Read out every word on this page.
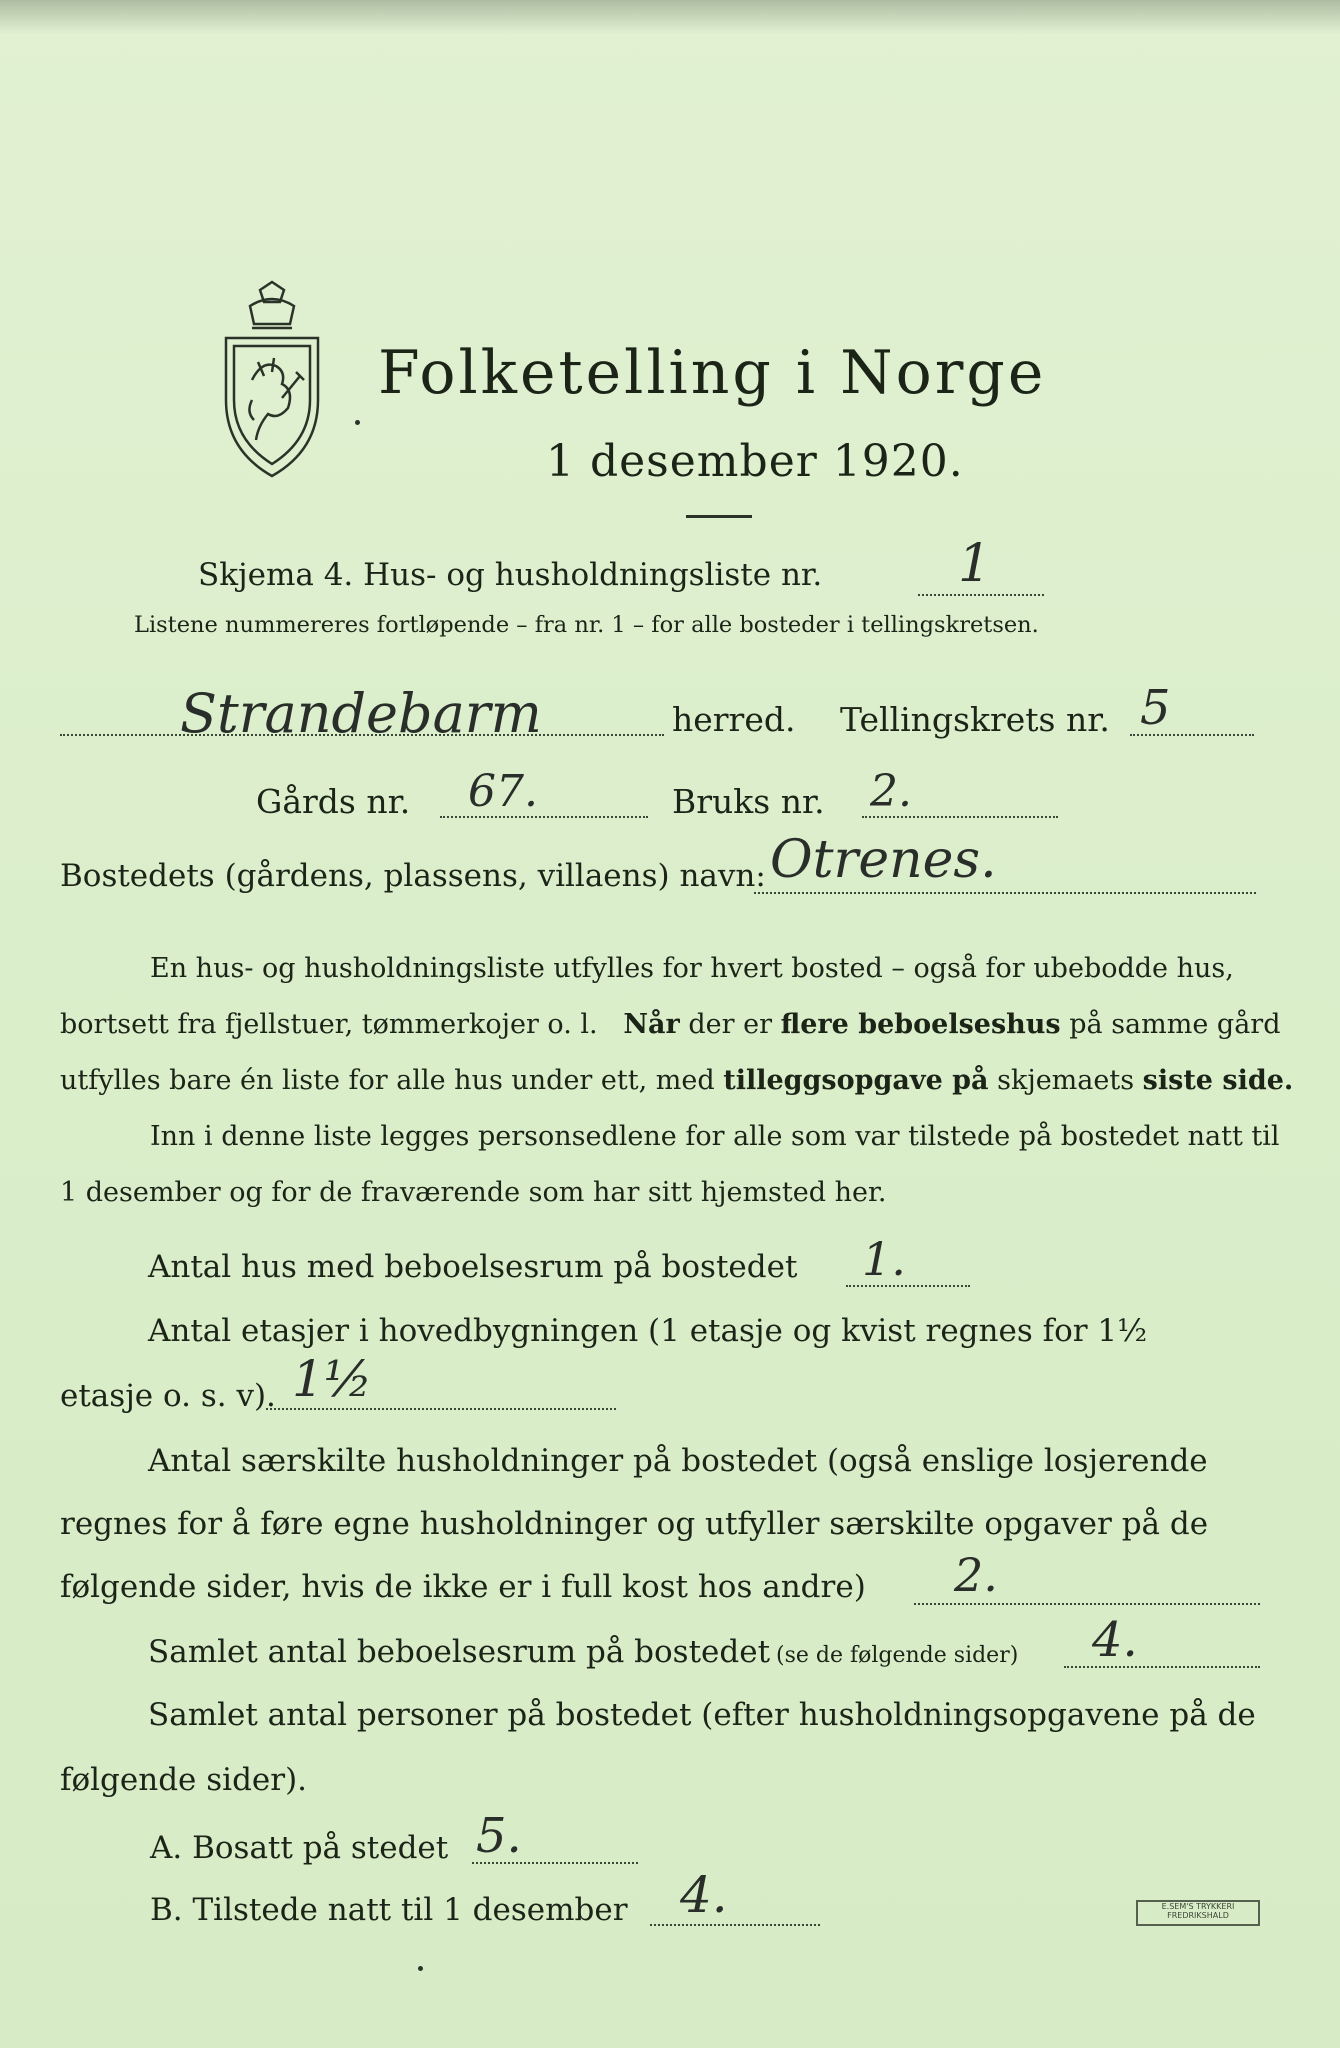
Folketelling i Norge
1 desember 1920.
Skjema 4. Hus- og husholdningsliste nr.	1
Listene nummereres fortløpende – fra nr. 1 – for alle bosteder i tellingskretsen.
Strandebarm	herred. Tellingskrets nr. 5
Gårds nr. 67.	Bruks nr. 2.
Bostedets (gårdens, plassens, villaens) navn: Otrenes.
En hus- og husholdningsliste utfylles for hvert bosted – også for ubebodde hus,
bortsett fra fjellstuer, tømmerkojer o. l. Når der er flere beboelseshus på samme gård
utfylles bare én liste for alle hus under ett, med tilleggsopgave på skjemaets siste side.
Inn i denne liste legges personsedlene for alle som var tilstede på bostedet natt til
1 desember og for de fraværende som har sitt hjemsted her.
Antal hus med beboelsesrum på bostedet 1.
Antal etasjer i hovedbygningen (1 etasje og kvist regnes for 1½
etasje o. s. v). 1½
Antal særskilte husholdninger på bostedet (også enslige losjerende
regnes for å føre egne husholdninger og utfyller særskilte opgaver på de
følgende sider, hvis de ikke er i full kost hos andre) 2.
Samlet antal beboelsesrum på bostedet (se de følgende sider) 4.
Samlet antal personer på bostedet (efter husholdningsopgavene på de
følgende sider).
A. Bosatt på stedet 5.
B. Tilstede natt til 1 desember 4.	E.SEM'S TRYKKERI
FREDRIKSHALD
